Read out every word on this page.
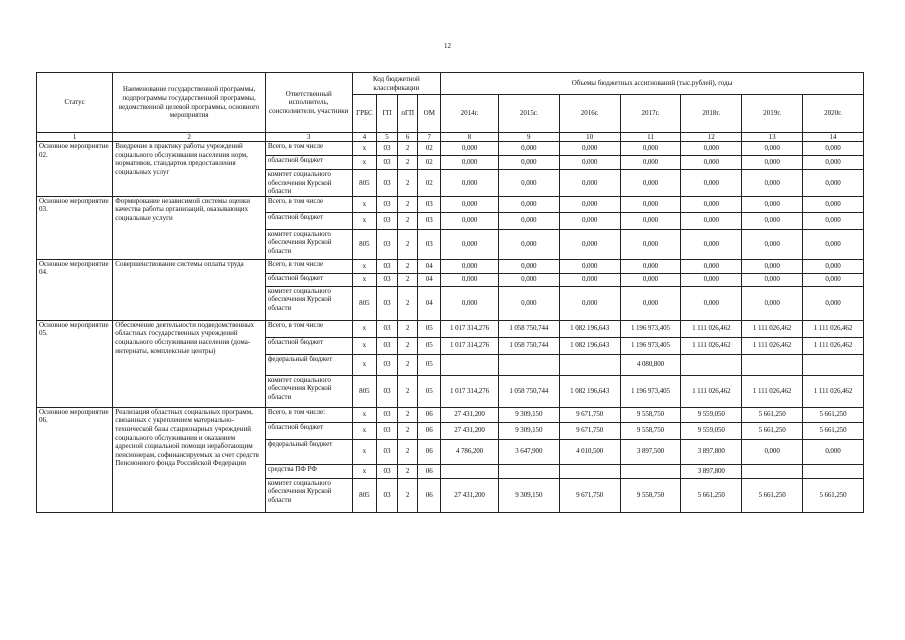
12
Статус	Наименование государственной программы, подпрограммы государственной программы, ведомственной целевой программы, основного мероприятия	Ответственный исполнитель, соисполнители, участники	Код бюджетной классификации				Объемы бюджетных ассигнований (тыс.рублей), годы						
			ГРБС	ГП	пГП	ОМ	2014г.	2015г.	2016г.	2017г.	2018г.	2019г.	2020г.
1	2	3	4	5	6	7	8	9	10	11	12	13	14
Основное мероприятие 02.	Внедрение в практику работы учреждений социального обслуживания населения норм, нормативов, стандартов предоставления социальных услуг	Всего, в том числе	х	03	2	02	0,000	0,000	0,000	0,000	0,000	0,000	0,000
		областной бюджет	х	03	2	02	0,000	0,000	0,000	0,000	0,000	0,000	0,000
		комитет социального обеспечения Курской области	805	03	2	02	0,000	0,000	0,000	0,000	0,000	0,000	0,000
Основное мероприятие 03.	Формирование независимой системы оценки качества работы организаций, оказывающих социальные услуги	Всего, в том числе	х	03	2	03	0,000	0,000	0,000	0,000	0,000	0,000	0,000
		областной бюджет	х	03	2	03	0,000	0,000	0,000	0,000	0,000	0,000	0,000
		комитет социального обеспечения Курской области	805	03	2	03	0,000	0,000	0,000	0,000	0,000	0,000	0,000
Основное мероприятие 04.	Совершенствование системы оплаты труда	Всего, в том числе	х	03	2	04	0,000	0,000	0,000	0,000	0,000	0,000	0,000
		областной бюджет	х	03	2	04	0,000	0,000	0,000	0,000	0,000	0,000	0,000
		комитет социального обеспечения Курской области	805	03	2	04	0,000	0,000	0,000	0,000	0,000	0,000	0,000
Основное мероприятие 05.	Обеспечение деятельности подведомственных областных государственных учреждений социального обслуживания населения (дома-интернаты, комплексные центры)	Всего, в том числе	х	03	2	05	1 017 314,276	1 058 750,744	1 082 196,643	1 196 973,405	1 111 026,462	1 111 026,462	1 111 026,462
		областной бюджет	х	03	2	05	1 017 314,276	1 058 750,744	1 082 196,643	1 196 973,405	1 111 026,462	1 111 026,462	1 111 026,462
		федеральный бюджет	х	03	2	05				4 080,800			
		комитет социального обеспечения Курской области	805	03	2	05	1 017 314,276	1 058 750,744	1 082 196,643	1 196 973,405	1 111 026,462	1 111 026,462	1 111 026,462
Основное мероприятие 06.	Реализация областных социальных программ, связанных с укреплением материально-технической базы стационарных учреждений социального обслуживания и оказанием адресной социальной помощи неработающим пенсионерам, софинансируемых за счет средств Пенсионного фонда Российской Федерации	Всего, в том числе:	х	03	2	06	27 431,200	9 309,150	9 671,750	9 558,750	9 559,050	5 661,250	5 661,250
		областной бюджет	х	03	2	06	27 431,200	9 309,150	9 671,750	9 558,750	9 559,050	5 661,250	5 661,250
		федеральный бюджет	х	03	2	06	4 786,200	3 647,900	4 010,500	3 897,500	3 897,800	0,000	0,000
		средства ПФ РФ	х	03	2	06					3 897,800		
		комитет социального обеспечения Курской области	805	03	2	06	27 431,200	9 309,150	9 671,750	9 558,750	5 661,250	5 661,250	5 661,250
